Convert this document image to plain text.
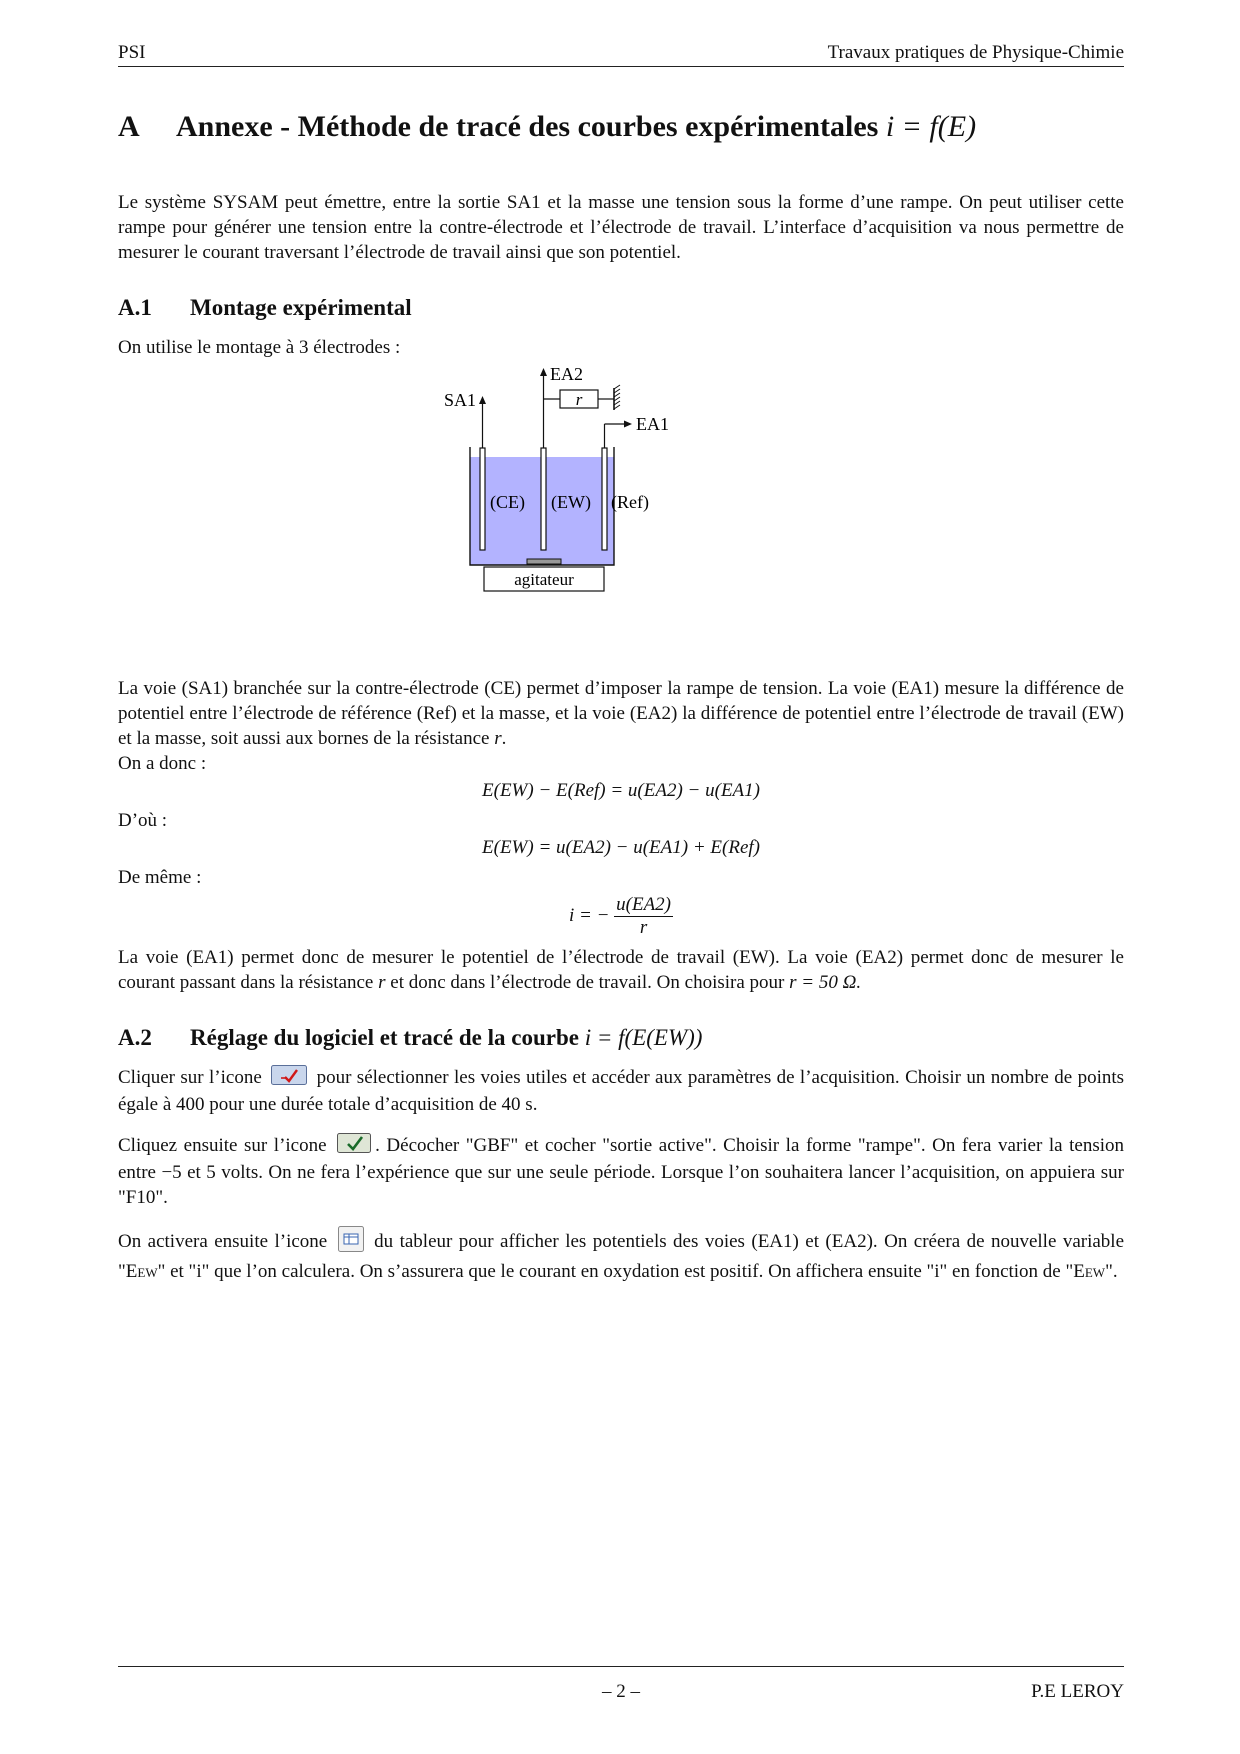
PSI	Travaux pratiques de Physique-Chimie
A	Annexe - Méthode de tracé des courbes expérimentales i = f(E)

Le système SYSAM peut émettre, entre la sortie SA1 et la masse une tension sous la forme d’une rampe. On peut utiliser cette rampe pour générer une tension entre la contre-électrode et l’électrode de travail. L’interface d’acquisition va nous permettre de mesurer le courant traversant l’électrode de travail ainsi que son potentiel.

A.1	Montage expérimental

On utilise le montage à 3 électrodes :

agitateur
SA1
EA2
r
EA1
(CE) (EW) (Ref)

La voie (SA1) branchée sur la contre-électrode (CE) permet d’imposer la rampe de tension. La voie (EA1) mesure la différence de potentiel entre l’électrode de référence (Ref) et la masse, et la voie (EA2) la différence de potentiel entre l’électrode de travail (EW) et la masse, soit aussi aux bornes de la résistance r.

On a donc :

E(EW) − E(Ref) = u(EA2) − u(EA1)

D’où :

E(EW) = u(EA2) − u(EA1) + E(Ref)

De même :

i = − $\frac{u(EA2)}{r}$

La voie (EA1) permet donc de mesurer le potentiel de l’électrode de travail (EW). La voie (EA2) permet donc de mesurer le courant passant dans la résistance r et donc dans l’électrode de travail. On choisira pour r = 50 Ω.

A.2	Réglage du logiciel et tracé de la courbe i = f(E(EW))

Cliquer sur l’icone	pour sélectionner les voies utiles et accéder aux paramètres de l’acquisition. Choisir un nombre de points égale à 400 pour une durée totale d’acquisition de 40 s.

Cliquez ensuite sur l’icone	. Décocher "GBF" et cocher "sortie active". Choisir la forme "rampe". On fera varier la tension entre −5 et 5 volts. On ne fera l’expérience que sur une seule période. Lorsque l’on souhaitera lancer l’acquisition, on appuiera sur "F10".

On activera ensuite l’icone du tableur pour afficher les potentiels des voies (EA1) et (EA2). On créera de nouvelle variable "EEW" et "i" que l’on calculera. On s’assurera que le courant en oxydation est positif. On affichera ensuite "i" en fonction de "EEW".

– 2 –	P.E LEROY
